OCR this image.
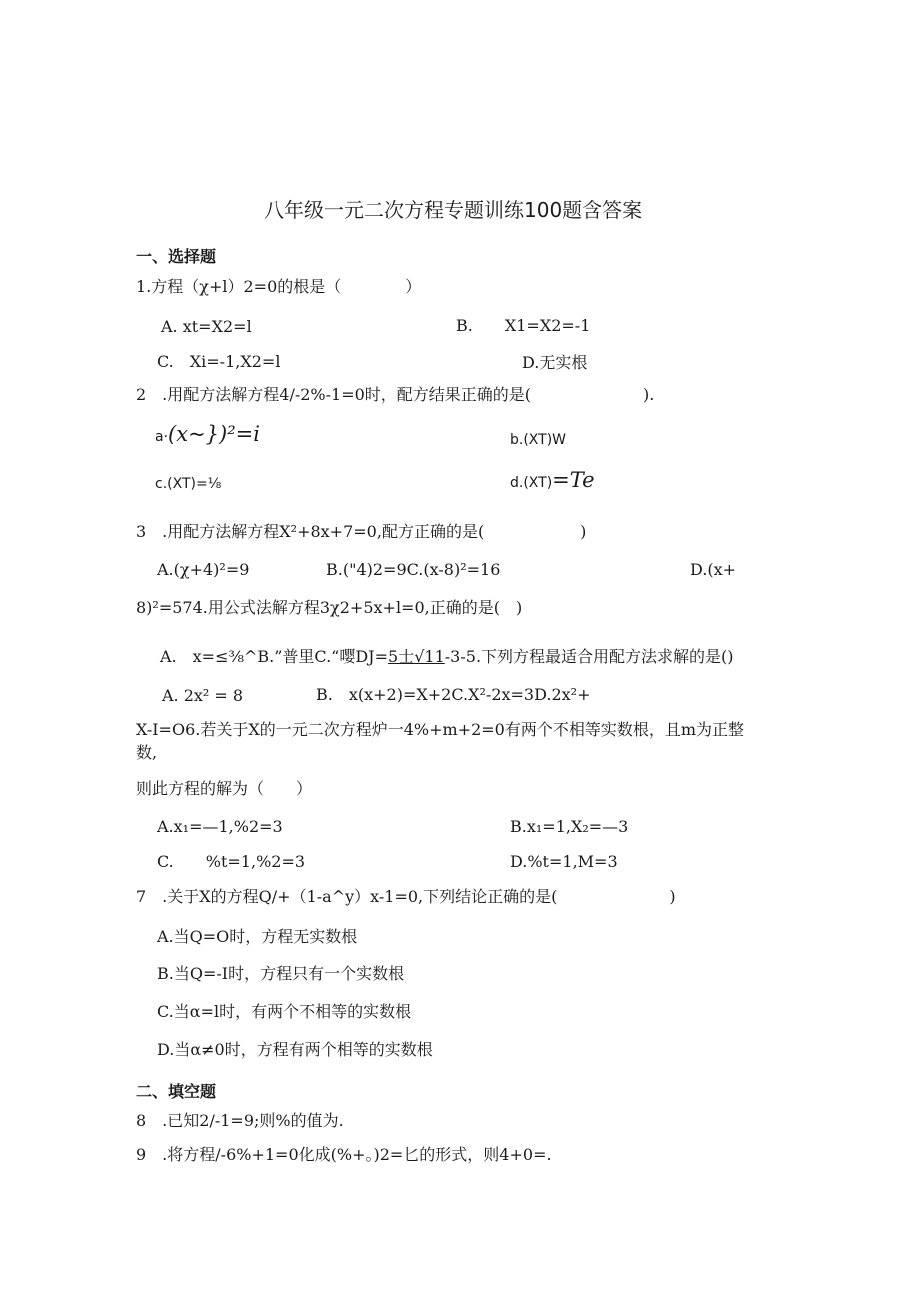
八年级一元二次方程专题训练100题含答案
一、选择题
1.方程（χ+l）2=0的根是（　　　　）
A. xt=X2=l	B.　　X1=X2=-1
C.　Xi=-1,X2=l	D.无实根
2　.用配方法解方程4/-2%-1=0时，配方结果正确的是(　　　　　　　).
a·(x~})²=i	b.(XT)W
c.(XT)=⅛	d.(XT)=Te
3　.用配方法解方程X²+8x+7=0,配方正确的是(　　　　　　)
A.(χ+4)²=9	B.("4)2=9C.(x-8)²=16	D.(x+
8)²=574.用公式法解方程3χ2+5x+l=0,正确的是(　)
A.　x=≤⅜^B.”普里C.“嘤DJ=5士√11-3-5.下列方程最适合用配方法求解的是()
A. 2x² = 8	B.　x(x+2)=X+2C.X²-2x=3D.2x²+
X-I=O6.若关于X的一元二次方程炉一4%+m+2=0有两个不相等实数根，且m为正整
数,
则此方程的解为（　　）
A.x₁=—1,%2=3	B.x₁=1,X₂=—3
C.　　%t=1,%2=3	D.%t=1,M=3
7　.关于X的方程Q/+（1-a^y）x-1=0,下列结论正确的是(　　　　　　　)
A.当Q=O时，方程无实数根
B.当Q=-I时，方程只有一个实数根
C.当α=l时，有两个不相等的实数根
D.当α≠0时，方程有两个相等的实数根
二、填空题
8　.已知2/-1=9;则%的值为.
9　.将方程/-6%+1=0化成(%+。)2=匕的形式，则4+0=.
